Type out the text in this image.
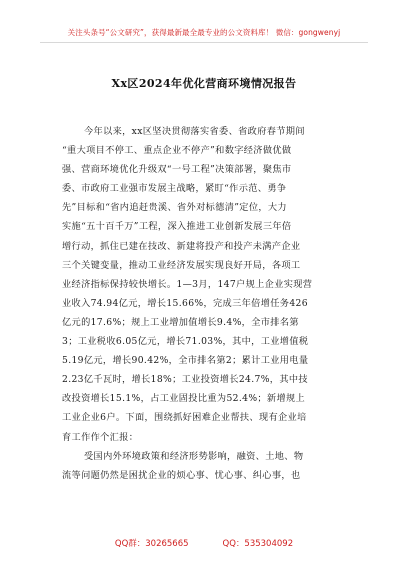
关注头条号“公文研究”，获得最新最全最专业的公文资料库！ 微信：gongwenyj
Xx区2024年优化营商环境情况报告
今年以来，xx区坚决贯彻落实省委、省政府春节期间
“重大项目不停工、重点企业不停产”和数字经济做优做
强、营商环境优化升级双“一号工程”决策部署，聚焦市
委、市政府工业强市发展主战略，紧盯“作示范、勇争
先”目标和“省内追赶贵溪、省外对标德清”定位，大力
实施“五十百千万”工程，深入推进工业创新发展三年倍
增行动，抓住已建在技改、新建将投产和投产未满产企业
三个关键变量，推动工业经济发展实现良好开局，各项工
业经济指标保持较快增长。1—3月，147户规上企业实现营
业收入74.94亿元，增长15.66%，完成三年倍增任务426
亿元的17.6%；规上工业增加值增长9.4%，全市排名第
3；工业税收6.05亿元，增长71.03%，其中，工业增值税
5.19亿元，增长90.42%，全市排名第2；累计工业用电量
2.23亿千瓦时，增长18%；工业投资增长24.7%，其中技
改投资增长15.1%，占工业固投比重为52.4%；新增规上
工业企业6户。下面，围绕抓好困难企业帮扶、现有企业培
育工作作个汇报：
受国内外环境政策和经济形势影响，融资、土地、物
流等问题仍然是困扰企业的烦心事、忧心事、纠心事，也
QQ群：30265665	QQ：535304092
